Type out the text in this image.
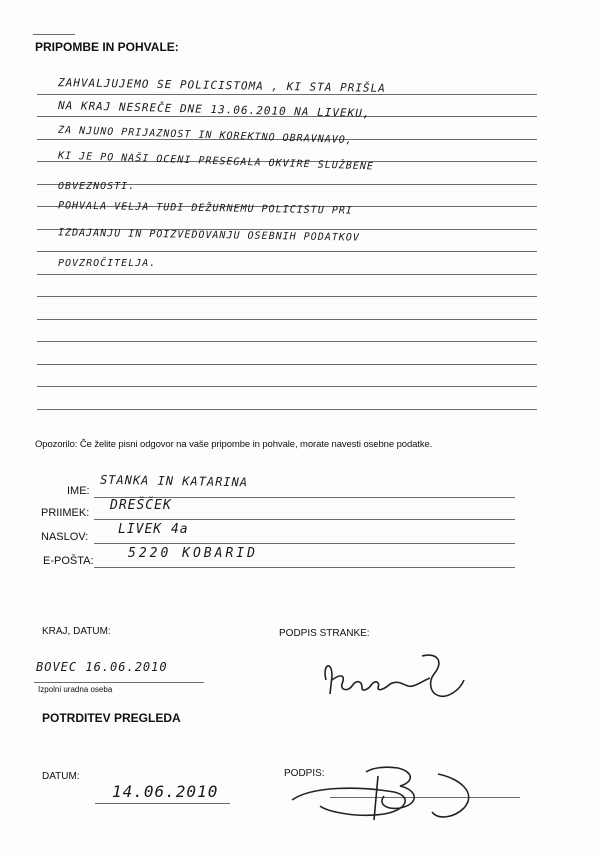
PRIPOMBE IN POHVALE:
ZAHVALJUJEMO SE POLICISTOMA , KI STA PRIŠLA
NA KRAJ NESREČE DNE 13.06.2010 NA LIVEKU,
ZA NJUNO PRIJAZNOST IN KOREKTNO OBRAVNAVO,
KI JE PO NAŠI OCENI PRESEGALA OKVIRE SLUŽBENE
OBVEZNOSTI.
POHVALA VELJA TUDI DEŽURNEMU POLICISTU PRI
IZDAJANJU IN POIZVEDOVANJU OSEBNIH PODATKOV
POVZROČITELJA.
Opozorilo: Če želite pisni odgovor na vaše pripombe in pohvale, morate navesti osebne podatke.
IME:
STANKA IN KATARINA
PRIIMEK: DREŠČEK
NASLOV: LIVEK 4a
E-POŠTA:	5220 KOBARID
KRAJ, DATUM:	PODPIS STRANKE:
BOVEC 16.06.2010
Izpolni uradna oseba
POTRDITEV PREGLEDA
DATUM:
14.06.2010
PODPIS:
